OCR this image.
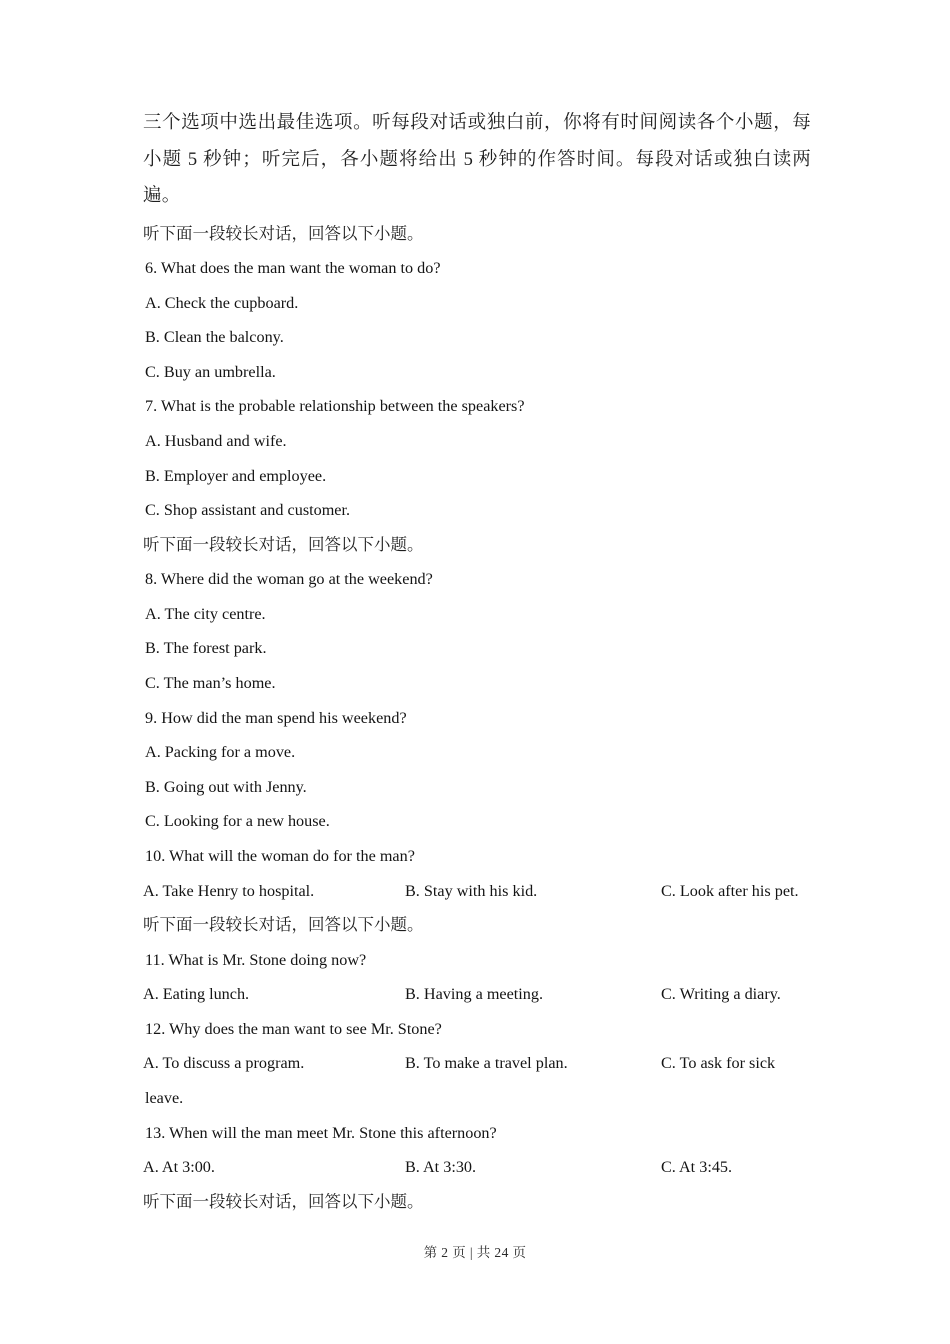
三个选项中选出最佳选项。听每段对话或独白前，你将有时间阅读各个小题，每小题 5 秒钟；听完后，各小题将给出 5 秒钟的作答时间。每段对话或独白读两遍。

听下面一段较长对话，回答以下小题。

6. What does the man want the woman to do?

A. Check the cupboard.

B. Clean the balcony.

C. Buy an umbrella.

7. What is the probable relationship between the speakers?

A. Husband and wife.

B. Employer and employee.

C. Shop assistant and customer.

听下面一段较长对话，回答以下小题。

8. Where did the woman go at the weekend?

A. The city centre.

B. The forest park.

C. The man’s home.

9. How did the man spend his weekend?

A. Packing for a move.

B. Going out with Jenny.

C. Looking for a new house.

10. What will the woman do for the man?

A. Take Henry to hospital.	B. Stay with his kid.	C. Look after his pet.

听下面一段较长对话，回答以下小题。

11. What is Mr. Stone doing now?

A. Eating lunch.	B. Having a meeting.	C. Writing a diary.

12. Why does the man want to see Mr. Stone?

A. To discuss a program.	B. To make a travel plan.	C. To ask for sick

leave.

13. When will the man meet Mr. Stone this afternoon?

A. At 3:00.	B. At 3:30.	C. At 3:45.

听下面一段较长对话，回答以下小题。

第 2 页 | 共 24 页
